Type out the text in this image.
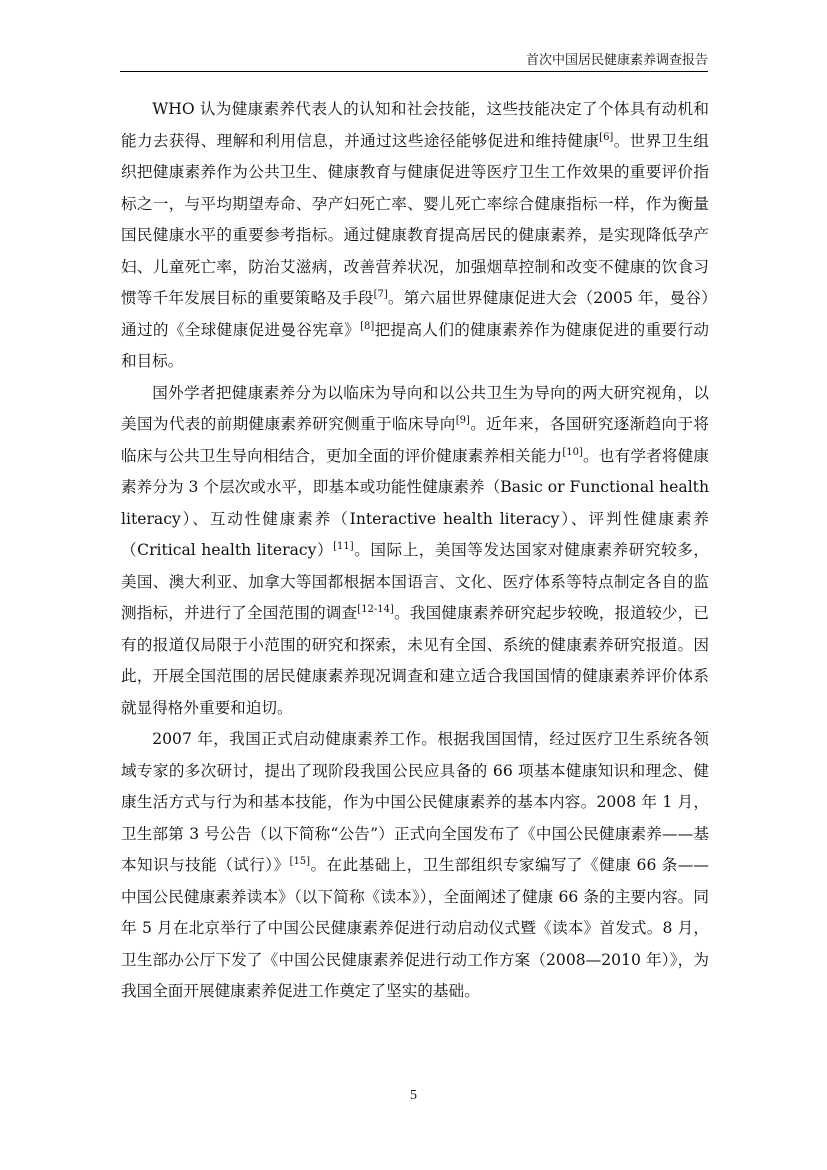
首次中国居民健康素养调查报告

WHO 认为健康素养代表人的认知和社会技能，这些技能决定了个体具有动机和能力去获得、理解和利用信息，并通过这些途径能够促进和维持健康[6]。世界卫生组织把健康素养作为公共卫生、健康教育与健康促进等医疗卫生工作效果的重要评价指标之一，与平均期望寿命、孕产妇死亡率、婴儿死亡率综合健康指标一样，作为衡量国民健康水平的重要参考指标。通过健康教育提高居民的健康素养，是实现降低孕产妇、儿童死亡率，防治艾滋病，改善营养状况，加强烟草控制和改变不健康的饮食习惯等千年发展目标的重要策略及手段[7]。第六届世界健康促进大会（2005 年，曼谷）通过的《全球健康促进曼谷宪章》[8]把提高人们的健康素养作为健康促进的重要行动和目标。

国外学者把健康素养分为以临床为导向和以公共卫生为导向的两大研究视角，以美国为代表的前期健康素养研究侧重于临床导向[9]。近年来，各国研究逐渐趋向于将临床与公共卫生导向相结合，更加全面的评价健康素养相关能力[10]。也有学者将健康素养分为 3 个层次或水平，即基本或功能性健康素养（Basic or Functional health literacy）、互动性健康素养（Interactive health literacy）、评判性健康素养（Critical health literacy）[11]。国际上，美国等发达国家对健康素养研究较多，美国、澳大利亚、加拿大等国都根据本国语言、文化、医疗体系等特点制定各自的监测指标，并进行了全国范围的调查[12-14]。我国健康素养研究起步较晚，报道较少，已有的报道仅局限于小范围的研究和探索，未见有全国、系统的健康素养研究报道。因此，开展全国范围的居民健康素养现况调查和建立适合我国国情的健康素养评价体系就显得格外重要和迫切。

2007 年，我国正式启动健康素养工作。根据我国国情，经过医疗卫生系统各领域专家的多次研讨，提出了现阶段我国公民应具备的 66 项基本健康知识和理念、健康生活方式与行为和基本技能，作为中国公民健康素养的基本内容。2008 年 1 月，卫生部第 3 号公告（以下简称“公告”）正式向全国发布了《中国公民健康素养——基本知识与技能（试行）》[15]。在此基础上，卫生部组织专家编写了《健康 66 条——中国公民健康素养读本》（以下简称《读本》），全面阐述了健康 66 条的主要内容。同年 5 月在北京举行了中国公民健康素养促进行动启动仪式暨《读本》首发式。8 月，卫生部办公厅下发了《中国公民健康素养促进行动工作方案（2008—2010 年）》，为我国全面开展健康素养促进工作奠定了坚实的基础。

5
